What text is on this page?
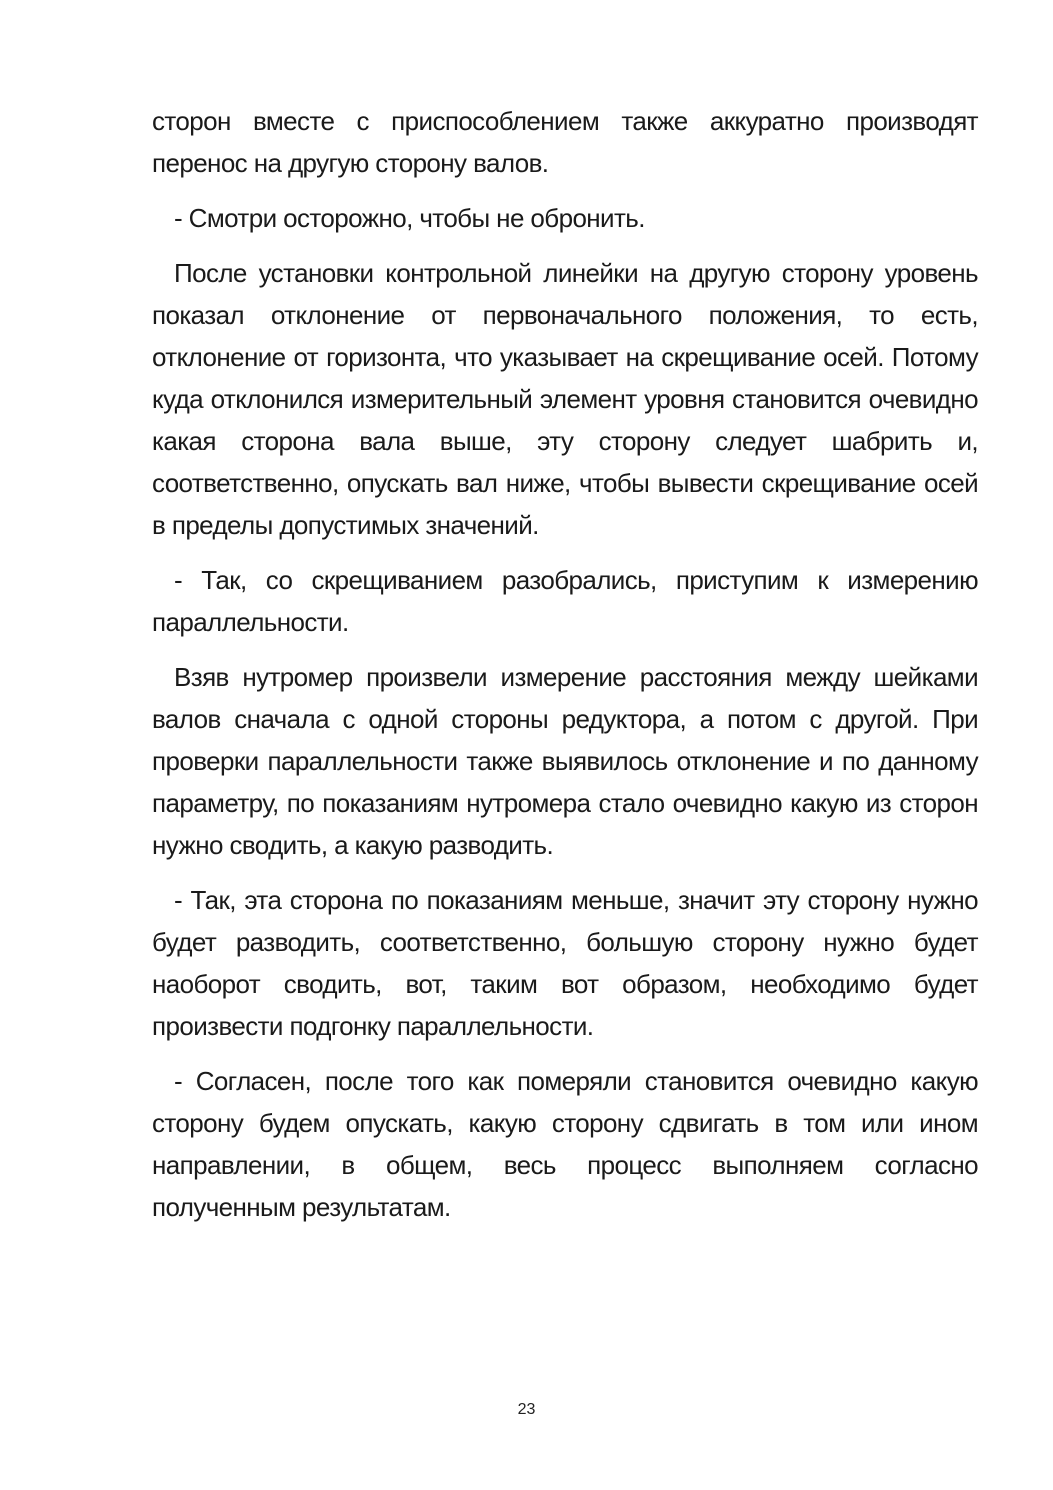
сторон вместе с приспособлением также аккуратно производят перенос на другую сторону валов.

- Смотри осторожно, чтобы не обронить.

После установки контрольной линейки на другую сторону уровень показал отклонение от первоначального положения, то есть, отклонение от горизонта, что указывает на скрещивание осей. Потому куда отклонился измерительный элемент уровня становится очевидно какая сторона вала выше, эту сторону следует шабрить и, соответственно, опускать вал ниже, чтобы вывести скрещивание осей в пределы допустимых значений.

- Так, со скрещиванием разобрались, приступим к измерению параллельности.

Взяв нутромер произвели измерение расстояния между шейками валов сначала с одной стороны редуктора, а потом с другой. При проверки параллельности также выявилось отклонение и по данному параметру, по показаниям нутромера стало очевидно какую из сторон нужно сводить, а какую разводить.

- Так, эта сторона по показаниям меньше, значит эту сторону нужно будет разводить, соответственно, большую сторону нужно будет наоборот сводить, вот, таким вот образом, необходимо будет произвести подгонку параллельности.

- Согласен, после того как померяли становится очевидно какую сторону будем опускать, какую сторону сдвигать в том или ином направлении, в общем, весь процесс выполняем согласно полученным результатам.

23
